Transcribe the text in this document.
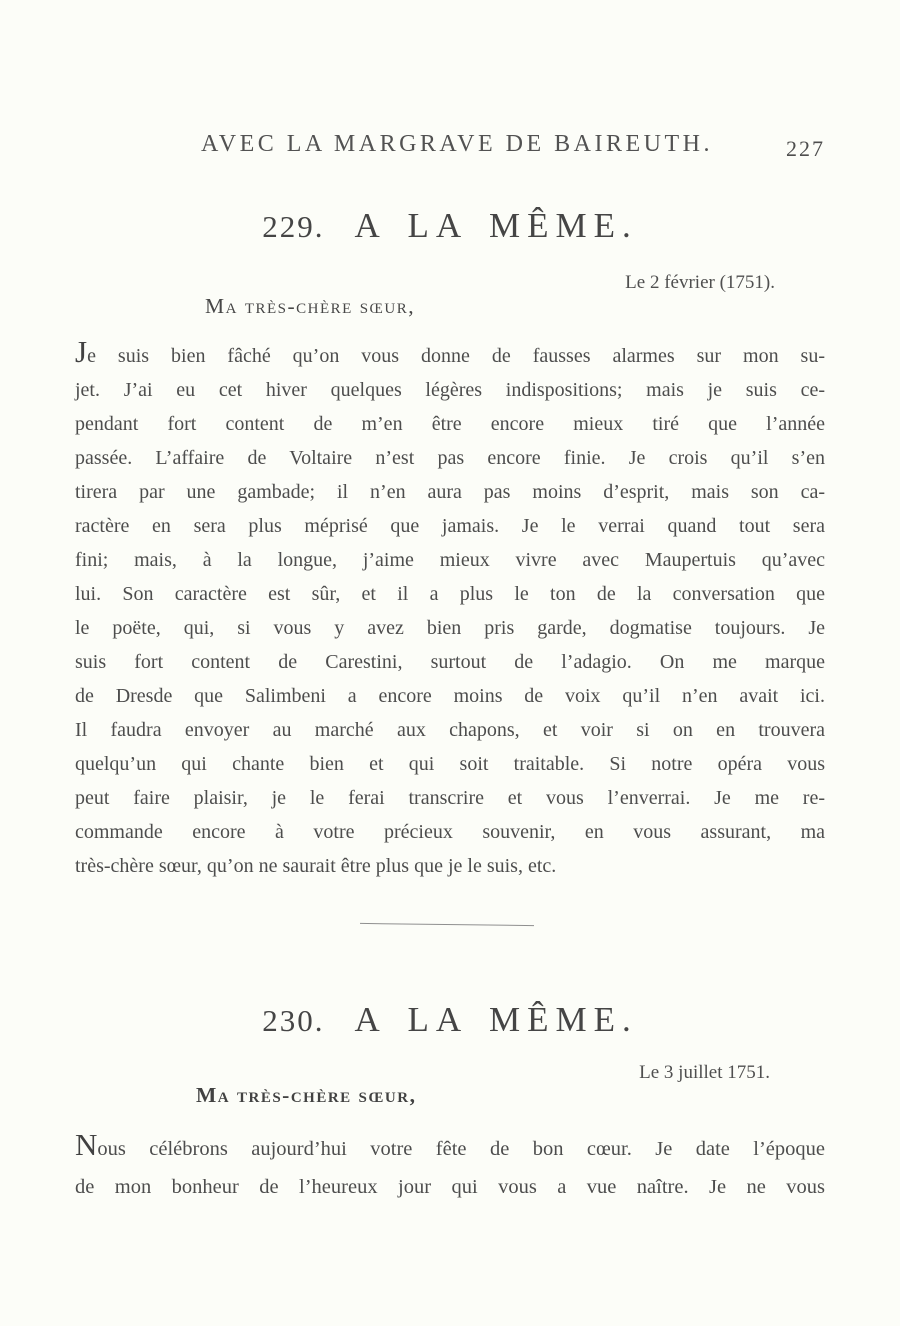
AVEC LA MARGRAVE DE BAIREUTH.	227
229. A LA MÊME.
Le 2 février (1751).
Ma très-chère sœur,
Je suis bien fâché qu’on vous donne de fausses alarmes sur mon su-
jet. J’ai eu cet hiver quelques légères indispositions; mais je suis ce-
pendant fort content de m’en être encore mieux tiré que l’année
passée. L’affaire de Voltaire n’est pas encore finie. Je crois qu’il s’en
tirera par une gambade; il n’en aura pas moins d’esprit, mais son ca-
ractère en sera plus méprisé que jamais. Je le verrai quand tout sera
fini; mais, à la longue, j’aime mieux vivre avec Maupertuis qu’avec
lui. Son caractère est sûr, et il a plus le ton de la conversation que
le poëte, qui, si vous y avez bien pris garde, dogmatise toujours. Je
suis fort content de Carestini, surtout de l’adagio. On me marque
de Dresde que Salimbeni a encore moins de voix qu’il n’en avait ici.
Il faudra envoyer au marché aux chapons, et voir si on en trouvera
quelqu’un qui chante bien et qui soit traitable. Si notre opéra vous
peut faire plaisir, je le ferai transcrire et vous l’enverrai. Je me re-
commande encore à votre précieux souvenir, en vous assurant, ma
très-chère sœur, qu’on ne saurait être plus que je le suis, etc.
230. A LA MÊME.
Le 3 juillet 1751.
Ma très-chère sœur,
Nous célébrons aujourd’hui votre fête de bon cœur. Je date l’époque
de mon bonheur de l’heureux jour qui vous a vue naître. Je ne vous
